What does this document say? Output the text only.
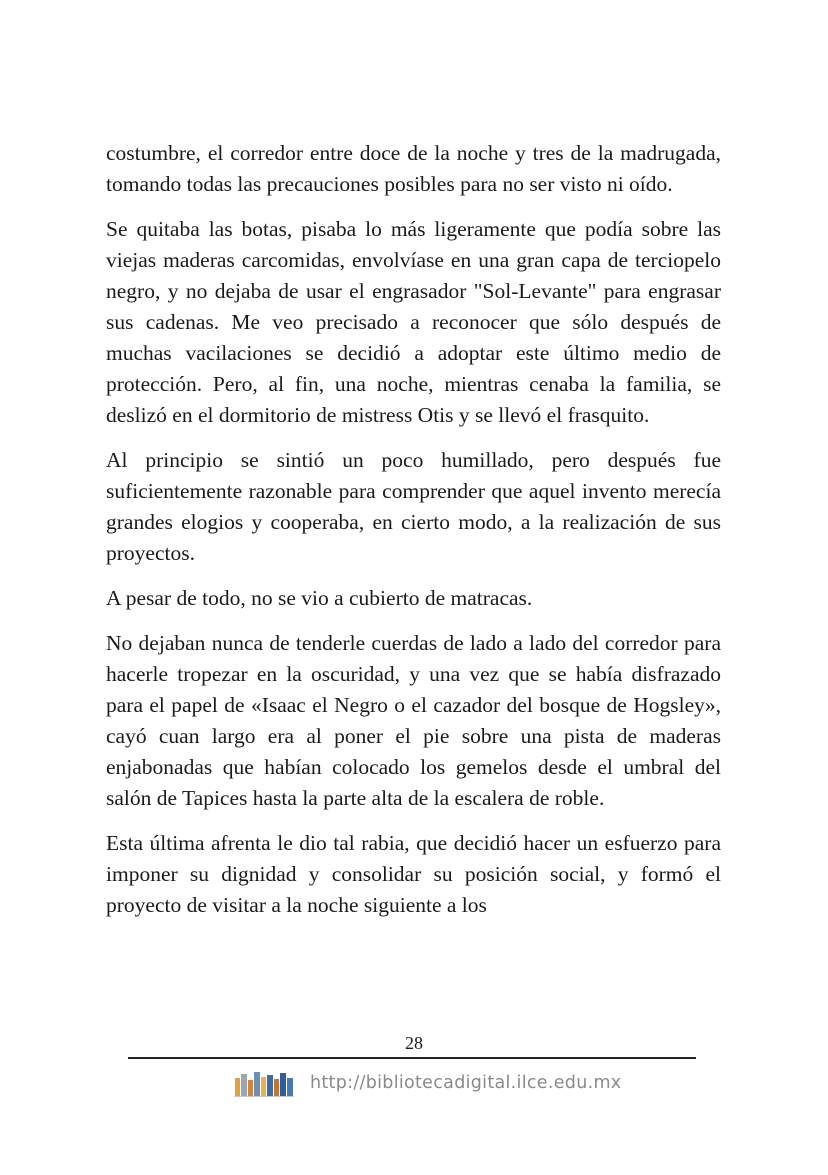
costumbre, el corredor entre doce de la noche y tres de la madrugada, tomando todas las precauciones posibles para no ser visto ni oído.

Se quitaba las botas, pisaba lo más ligeramente que podía sobre las viejas maderas carcomidas, envolvíase en una gran capa de terciopelo negro, y no dejaba de usar el engrasador "Sol-Levante" para engrasar sus cadenas. Me veo precisado a reconocer que sólo después de muchas vacilaciones se decidió a adoptar este último medio de protección. Pero, al fin, una noche, mientras cenaba la familia, se deslizó en el dormitorio de mistress Otis y se llevó el frasquito.

Al principio se sintió un poco humillado, pero después fue suficientemente razonable para comprender que aquel invento merecía grandes elogios y cooperaba, en cierto modo, a la realización de sus proyectos.

A pesar de todo, no se vio a cubierto de matracas.

No dejaban nunca de tenderle cuerdas de lado a lado del corredor para hacerle tropezar en la oscuridad, y una vez que se había disfrazado para el papel de «Isaac el Negro o el cazador del bosque de Hogsley», cayó cuan largo era al poner el pie sobre una pista de maderas enjabonadas que habían colocado los gemelos desde el umbral del salón de Tapices hasta la parte alta de la escalera de roble.

Esta última afrenta le dio tal rabia, que decidió hacer un esfuerzo para imponer su dignidad y consolidar su posición social, y formó el proyecto de visitar a la noche siguiente a los

28
http://bibliotecadigital.ilce.edu.mx
